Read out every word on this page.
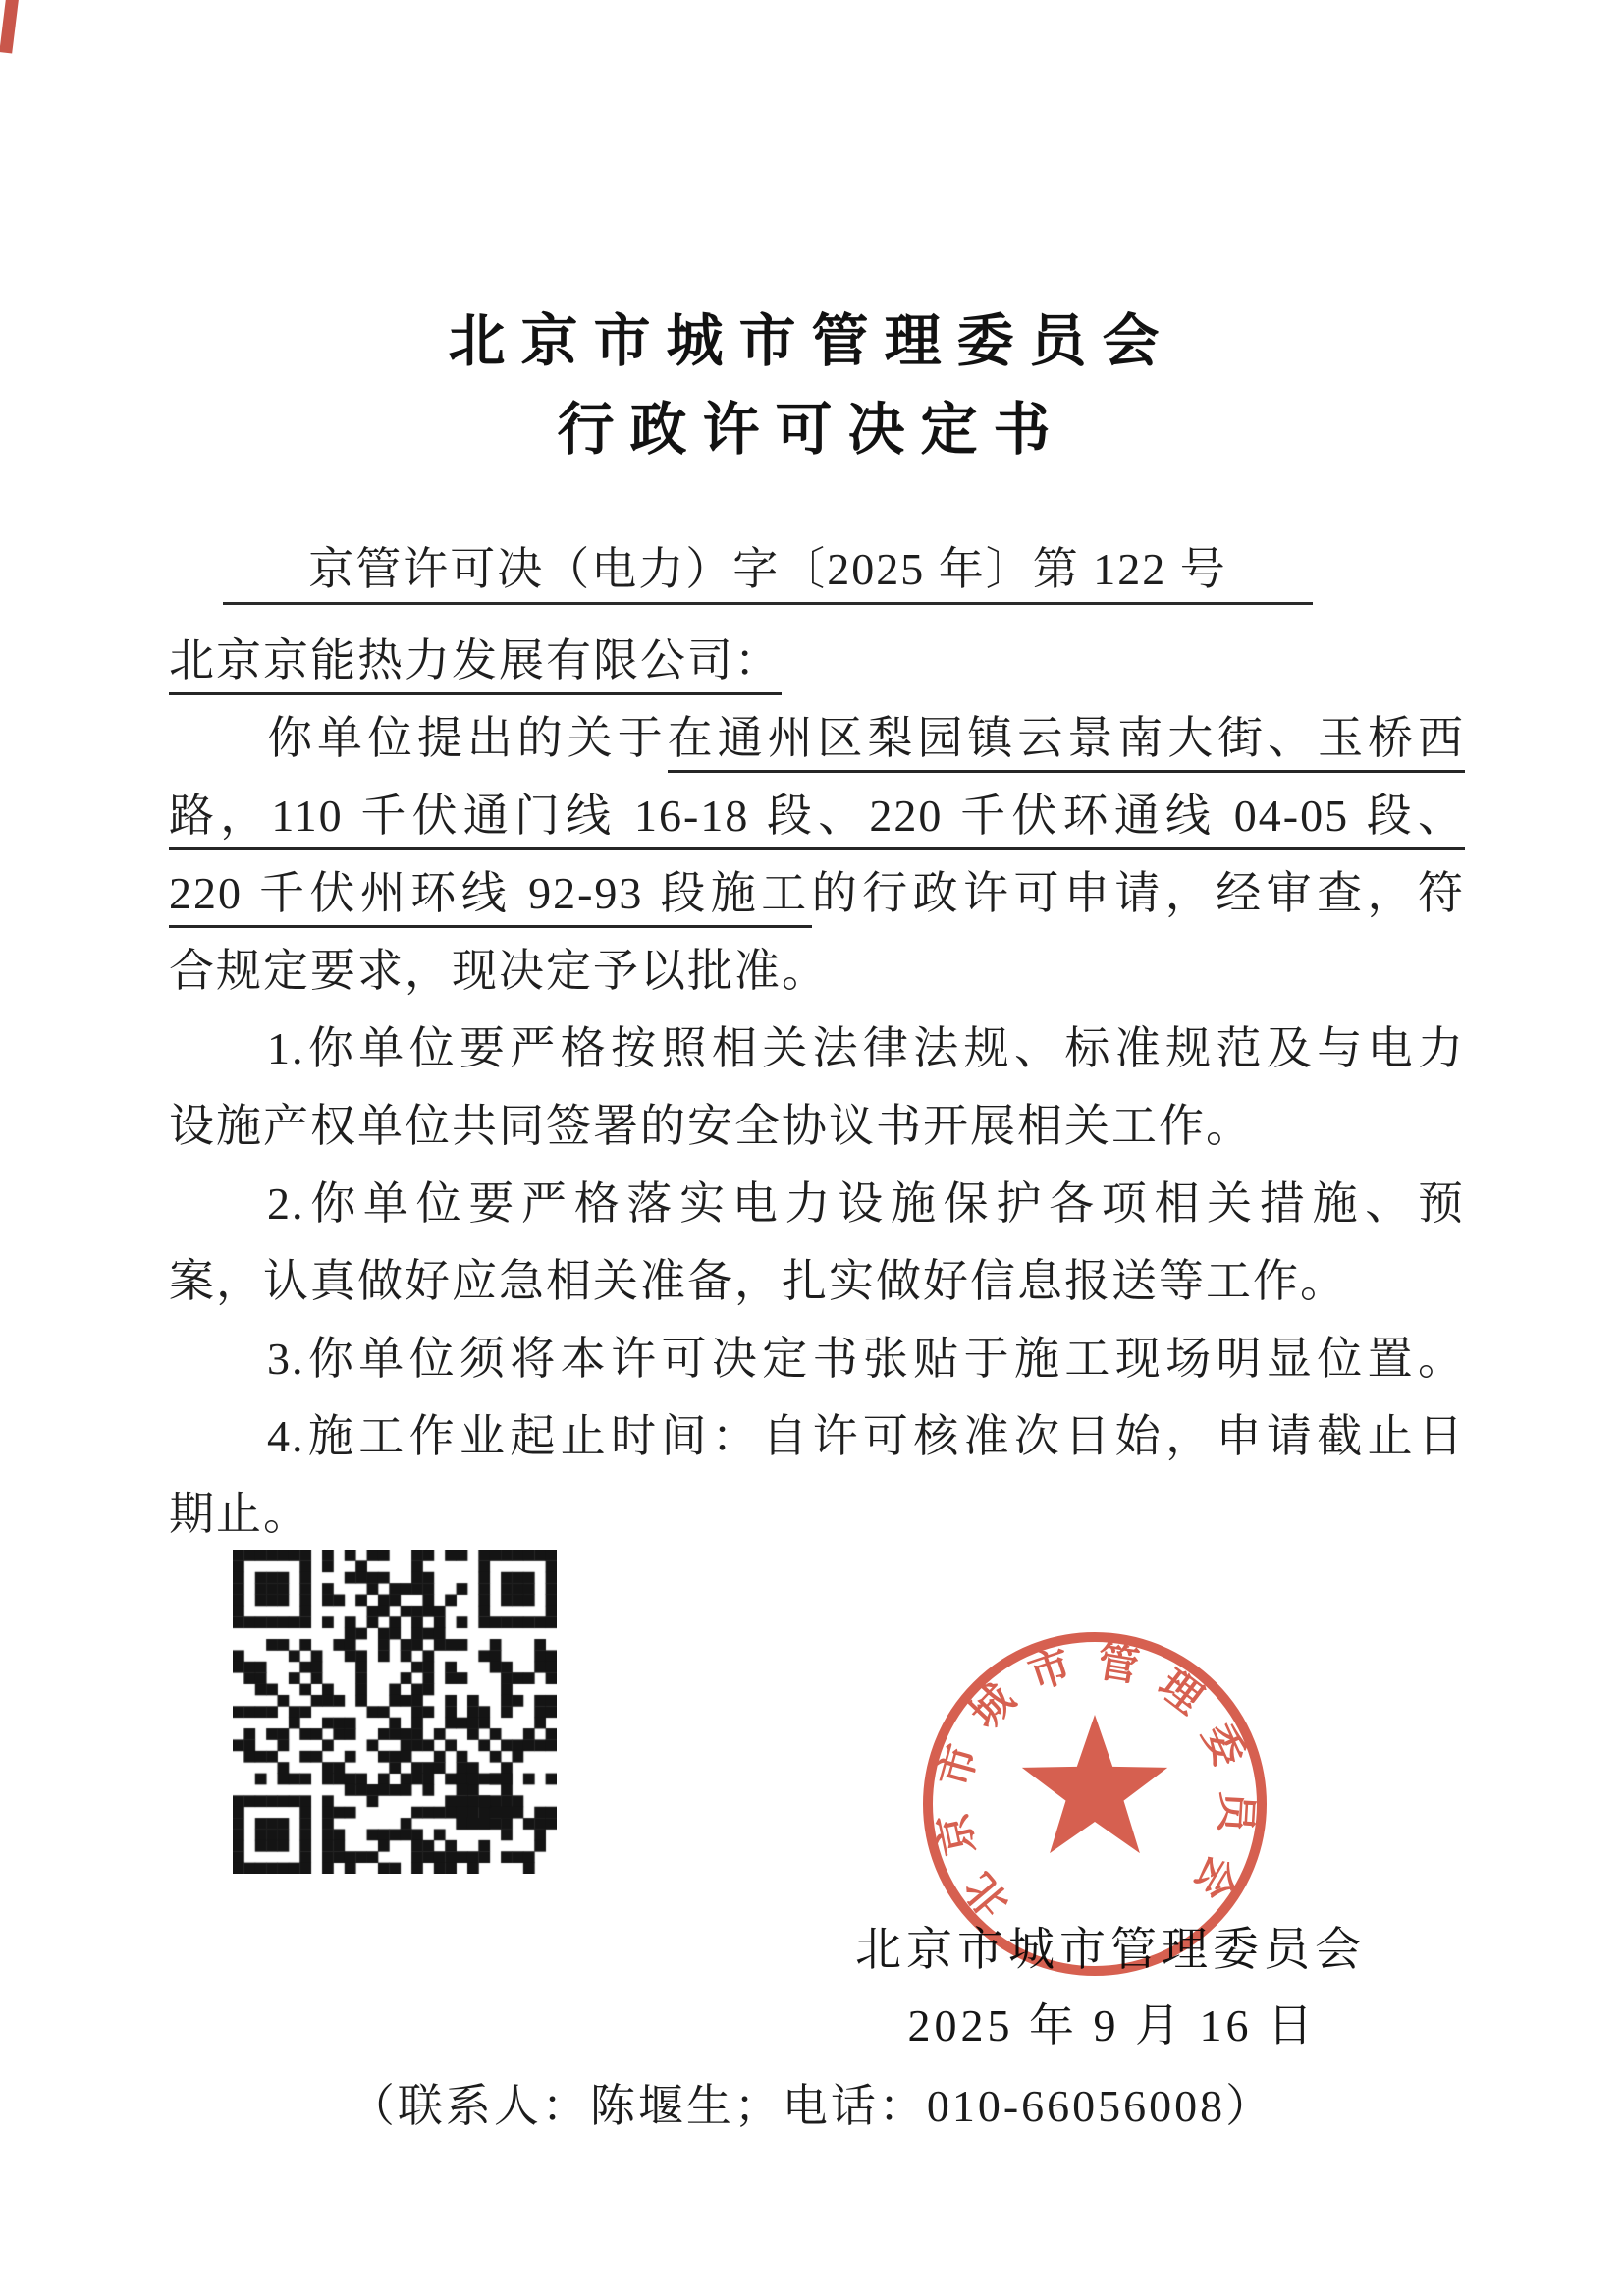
北京市城市管理委员会
行政许可决定书
京管许可决（电力）字〔2025 年〕第 122 号
北京京能热力发展有限公司：
你单位提出的关于在通州区梨园镇云景南大街、玉桥西
路，110 千伏通门线 16-18 段、220 千伏环通线 04-05 段、
220 千伏州环线 92-93 段施工的行政许可申请，经审查，符
合规定要求，现决定予以批准。
1.你单位要严格按照相关法律法规、标准规范及与电力
设施产权单位共同签署的安全协议书开展相关工作。
2.你单位要严格落实电力设施保护各项相关措施、预
案，认真做好应急相关准备，扎实做好信息报送等工作。
3.你单位须将本许可决定书张贴于施工现场明显位置。
4.施工作业起止时间：自许可核准次日始，申请截止日
期止。
北京市城市管理委员会
2025 年 9 月 16 日
（联系人：陈堰生；电话：010-66056008）
北京市城市管理委员会
